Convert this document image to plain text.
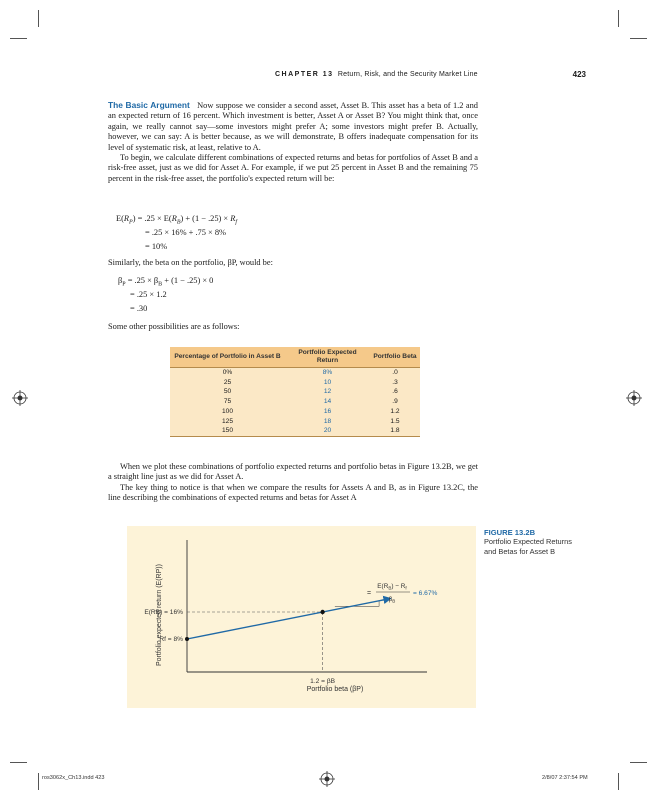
CHAPTER 13 Return, Risk, and the Security Market Line	423

The Basic Argument Now suppose we consider a second asset, Asset B. This asset has a beta of 1.2 and an expected return of 16 percent. Which investment is better, Asset A or Asset B? You might think that, once again, we really cannot say—some investors might prefer A; some investors might prefer B. Actually, however, we can say: A is better because, as we will demonstrate, B offers inadequate compensation for its level of systematic risk, at least, relative to A.

To begin, we calculate different combinations of expected returns and betas for portfolios of Asset B and a risk-free asset, just as we did for Asset A. For example, if we put 25 percent in Asset B and the remaining 75 percent in the risk-free asset, the portfolio's expected return will be:

$E(R_P) = .25 \times E(R_B) + (1 - .25) \times R_f$
= .25 × 16% + .75 × 8%
= 10%

Similarly, the beta on the portfolio, βP, would be:

$\beta_P = .25 \times \beta_B + (1 - .25) \times 0$
= .25 × 1.2
= .30

Some other possibilities are as follows:

Percentage of Portfolio in Asset B	Portfolio Expected Return	Portfolio Beta
0%	8%	.0
25	10	.3
50	12	.6
75	14	.9
100	16	1.2
125	18	1.5
150	20	1.8

When we plot these combinations of portfolio expected returns and portfolio betas in Figure 13.2B, we get a straight line just as we did for Asset A.

The key thing to notice is that when we compare the results for Assets A and B, as in Figure 13.2C, the line describing the combinations of expected returns and betas for Asset A

Portfolio expected return (E(RP))
E(RB) = 16%
Rf = 8%
1.2 = βB
Portfolio beta (βP)
$E(R_B) - R_f$
$\beta_B$
=	= 6.67%
FIGURE 13.2B
Portfolio Expected Returns and Betas for Asset B
ros3062x_Ch13.indd 423	2/8/07 2:37:54 PM
